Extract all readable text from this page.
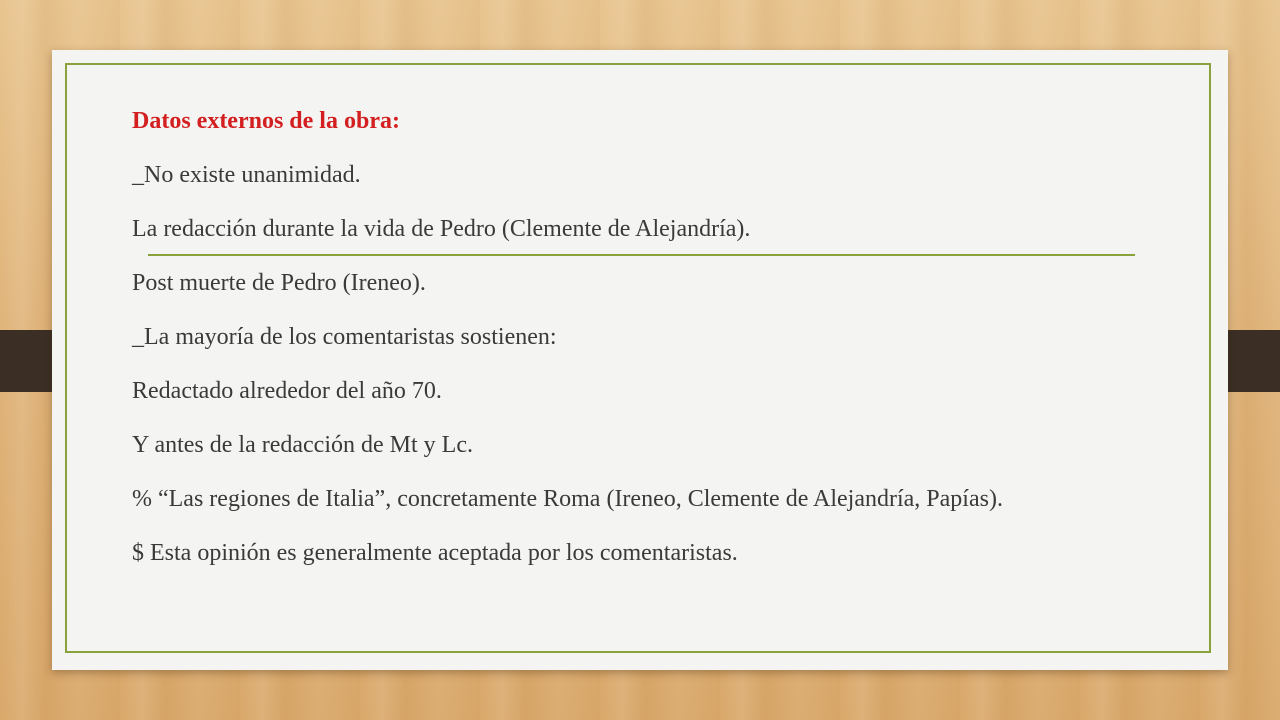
Datos externos de la obra:

_No existe unanimidad.

La redacción durante la vida de Pedro (Clemente de Alejandría).

Post muerte de Pedro (Ireneo).

_La mayoría de los comentaristas sostienen:

Redactado alrededor del año 70.

Y antes de la redacción de Mt y Lc.

% “Las regiones de Italia”, concretamente Roma (Ireneo, Clemente de Alejandría, Papías).

$ Esta opinión es generalmente aceptada por los comentaristas.
